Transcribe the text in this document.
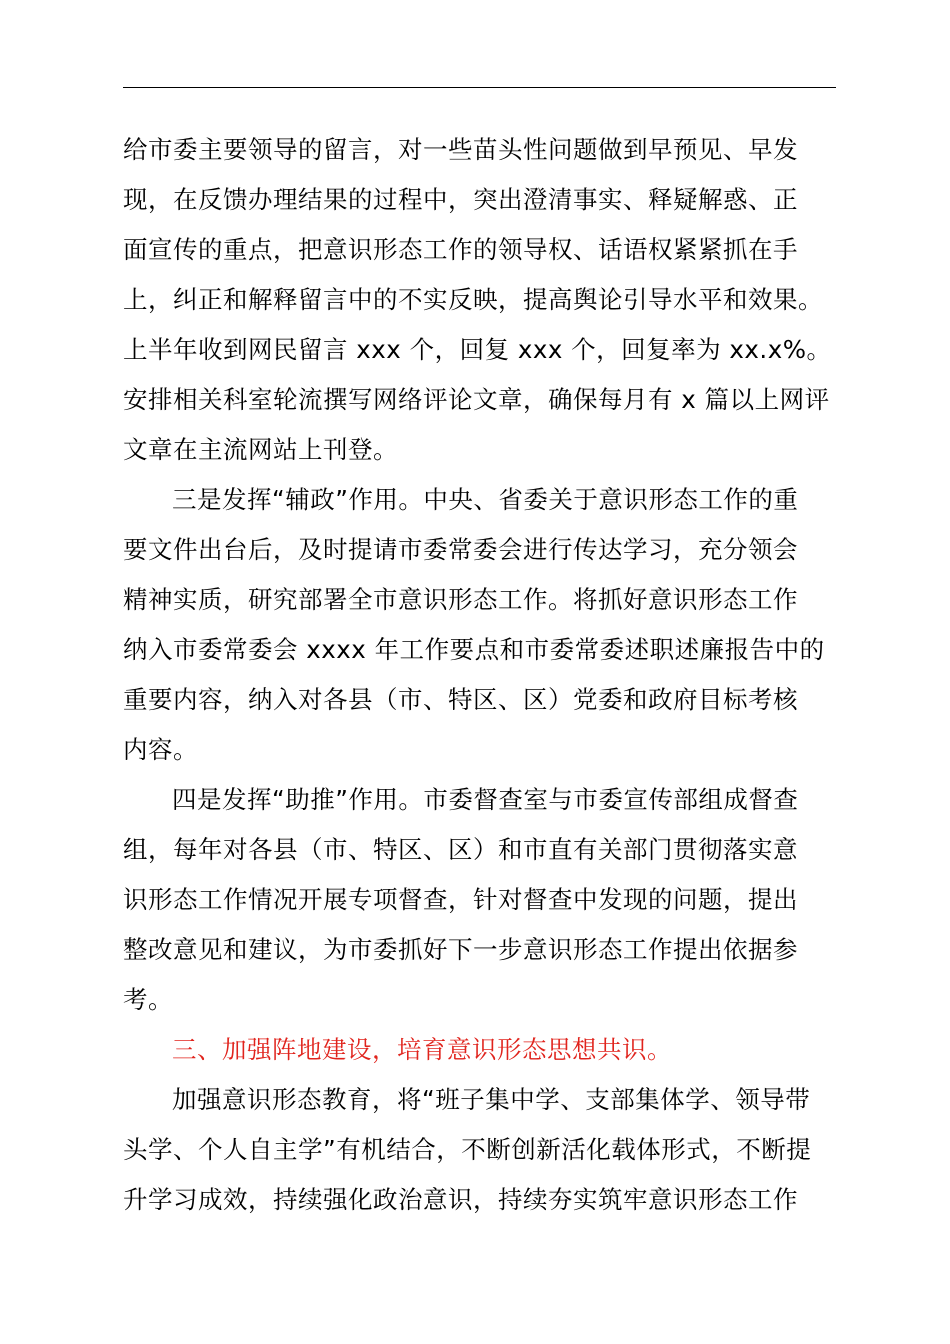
给市委主要领导的留言，对一些苗头性问题做到早预见、早发
现，在反馈办理结果的过程中，突出澄清事实、释疑解惑、正
面宣传的重点，把意识形态工作的领导权、话语权紧紧抓在手
上，纠正和解释留言中的不实反映，提高舆论引导水平和效果。
上半年收到网民留言 xxx 个，回复 xxx 个，回复率为 xx.x%。
安排相关科室轮流撰写网络评论文章，确保每月有 x 篇以上网评
文章在主流网站上刊登。
三是发挥“辅政”作用。中央、省委关于意识形态工作的重
要文件出台后，及时提请市委常委会进行传达学习，充分领会
精神实质，研究部署全市意识形态工作。将抓好意识形态工作
纳入市委常委会 xxxx 年工作要点和市委常委述职述廉报告中的
重要内容，纳入对各县（市、特区、区）党委和政府目标考核
内容。
四是发挥“助推”作用。市委督查室与市委宣传部组成督查
组，每年对各县（市、特区、区）和市直有关部门贯彻落实意
识形态工作情况开展专项督查，针对督查中发现的问题，提出
整改意见和建议，为市委抓好下一步意识形态工作提出依据参
考。
三、加强阵地建设，培育意识形态思想共识。
加强意识形态教育，将“班子集中学、支部集体学、领导带
头学、个人自主学”有机结合，不断创新活化载体形式，不断提
升学习成效，持续强化政治意识，持续夯实筑牢意识形态工作
